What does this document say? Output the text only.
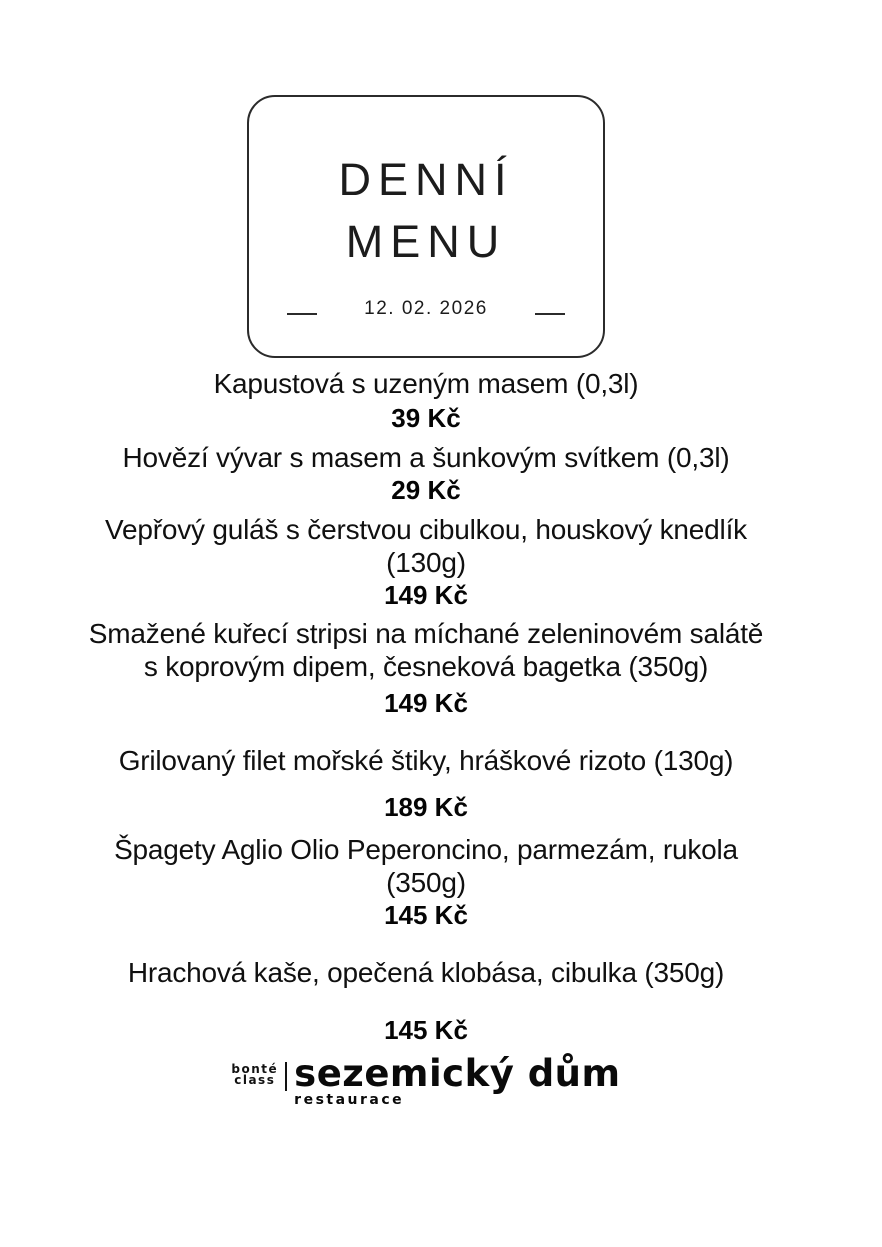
DENNÍ
MENU
12. 02. 2026
Kapustová s uzeným masem (0,3l)
39 Kč
Hovězí vývar s masem a šunkovým svítkem (0,3l)
29 Kč
Vepřový guláš s čerstvou cibulkou, houskový knedlík
(130g)
149 Kč
Smažené kuřecí stripsi na míchané zeleninovém salátě
s koprovým dipem, česneková bagetka (350g)
149 Kč
Grilovaný filet mořské štiky, hráškové rizoto (130g)
189 Kč
Špagety Aglio Olio Peperoncino, parmezám, rukola
(350g)
145 Kč
Hrachová kaše, opečená klobása, cibulka (350g)
145 Kč
bonté
class sezemický dům
restaurace
